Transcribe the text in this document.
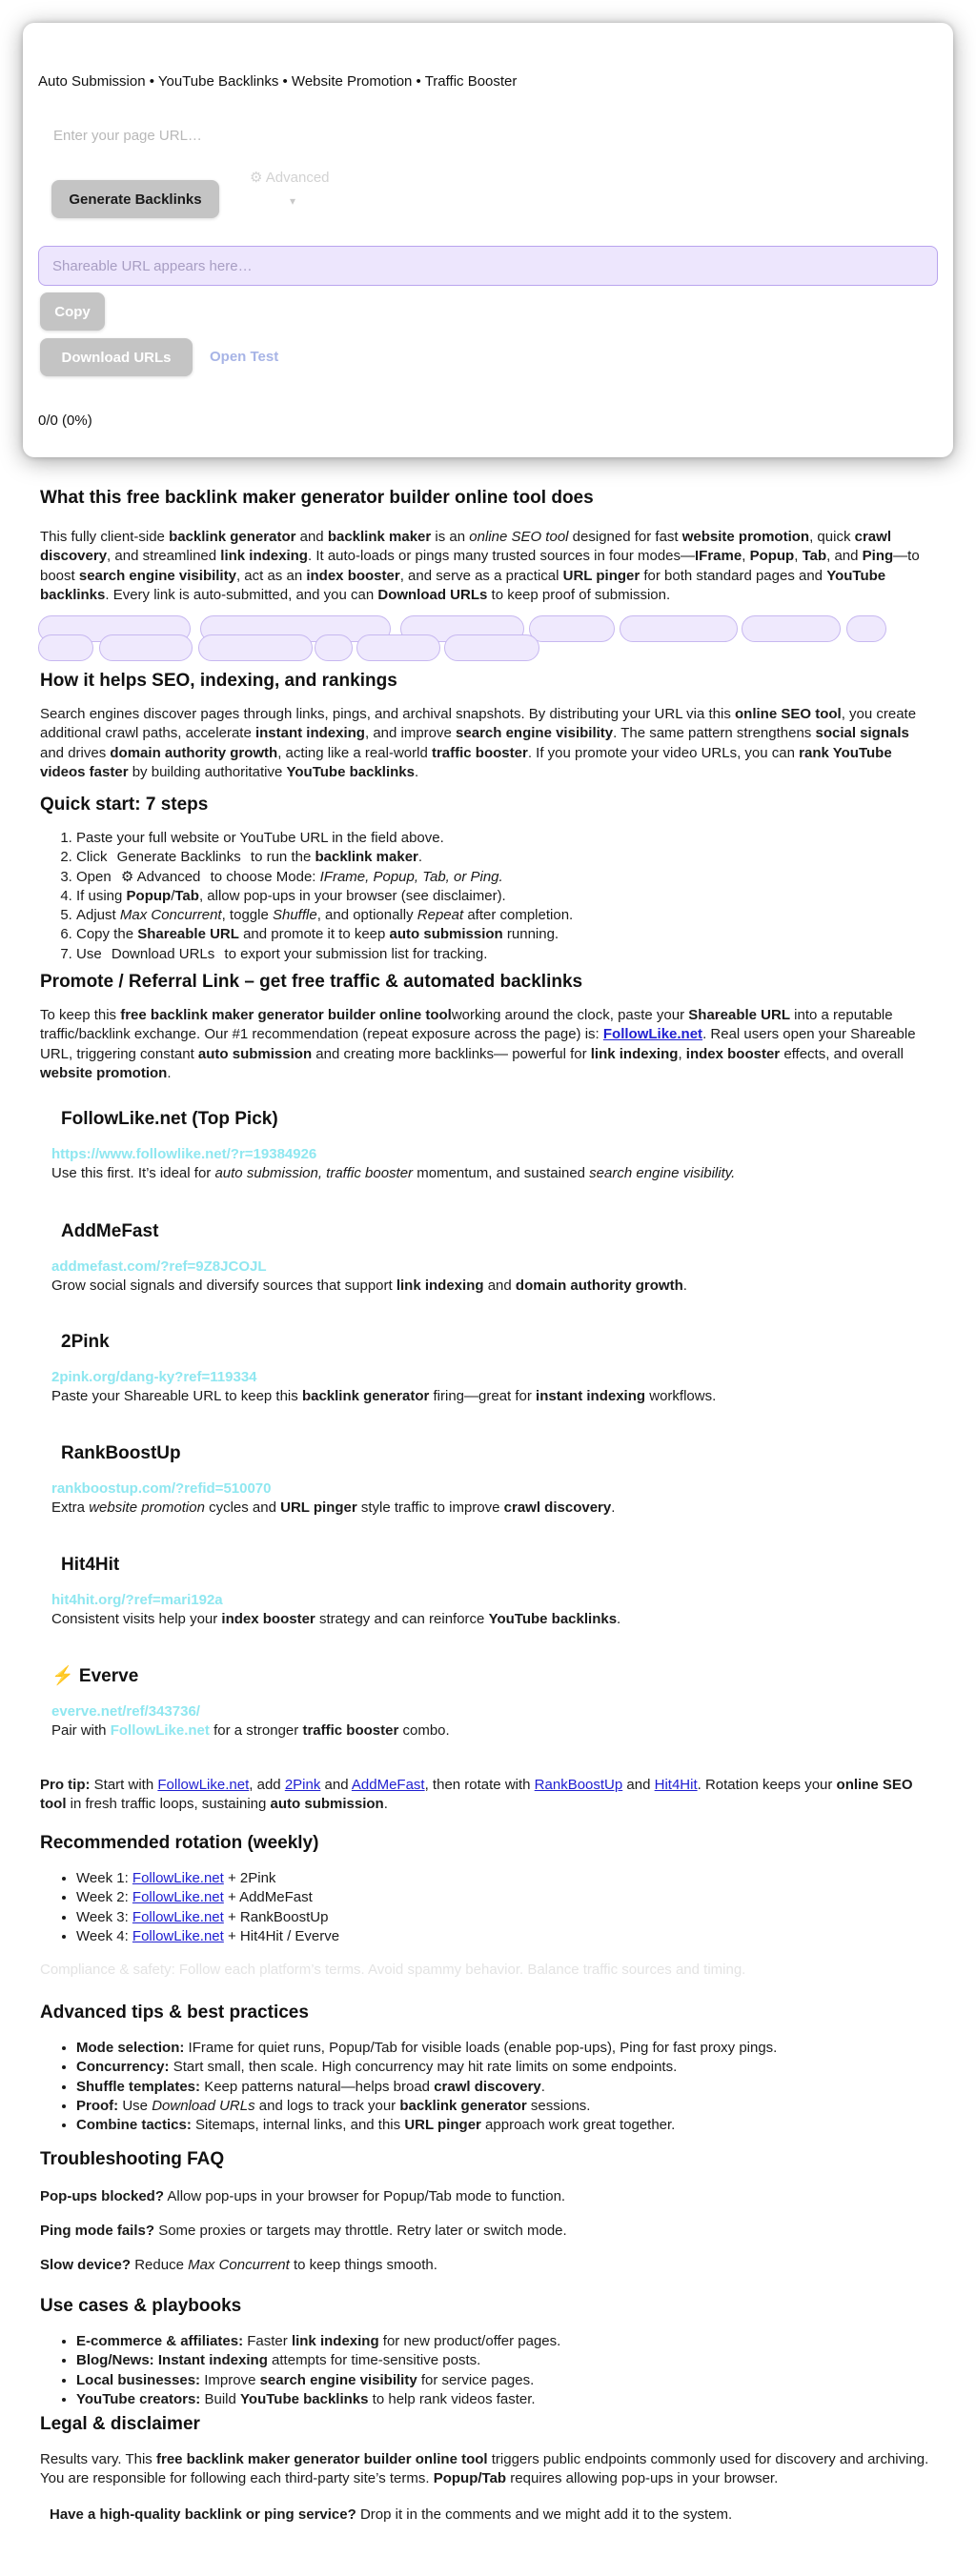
Auto Submission • YouTube Backlinks • Website Promotion • Traffic Booster
Enter your page URL…
Generate Backlinks
⚙ Advanced
▾
Shareable URL appears here…
Copy
Download URLs	Open Test
0/0 (0%)
What this free backlink maker generator builder online tool does

This fully client-side backlink generator and backlink maker is an online SEO tool designed for fast website promotion, quick crawl discovery, and streamlined link indexing. It auto-loads or pings many trusted sources in four modes—IFrame, Popup, Tab, and Ping—to boost search engine visibility, act as an index booster, and serve as a practical URL pinger for both standard pages and YouTube backlinks. Every link is auto-submitted, and you can Download URLs to keep proof of submission.

How it helps SEO, indexing, and rankings

Search engines discover pages through links, pings, and archival snapshots. By distributing your URL via this online SEO tool, you create additional crawl paths, accelerate instant indexing, and improve search engine visibility. The same pattern strengthens social signals and drives domain authority growth, acting like a real-world traffic booster. If you promote your video URLs, you can rank YouTube videos faster by building authoritative YouTube backlinks.

Quick start: 7 steps
1. Paste your full website or YouTube URL in the field above.
2. Click Generate Backlinks to run the backlink maker.
3. Open ⚙ Advanced to choose Mode: IFrame, Popup, Tab, or Ping.
4. If using Popup/Tab, allow pop-ups in your browser (see disclaimer).
5. Adjust Max Concurrent, toggle Shuffle, and optionally Repeat after completion.
6. Copy the Shareable URL and promote it to keep auto submission running.
7. Use Download URLs to export your submission list for tracking.
Promote / Referral Link – get free traffic & automated backlinks

To keep this free backlink maker generator builder online toolworking around the clock, paste your Shareable URL into a reputable traffic/backlink exchange. Our #1 recommendation (repeat exposure across the page) is: FollowLike.net. Real users open your Shareable URL, triggering constant auto submission and creating more backlinks— powerful for link indexing, index booster effects, and overall website promotion.

FollowLike.net (Top Pick)
https://www.followlike.net/?r=19384926
Use this first. It’s ideal for auto submission, traffic booster momentum, and sustained search engine visibility.
AddMeFast
addmefast.com/?ref=9Z8JCOJL
Grow social signals and diversify sources that support link indexing and domain authority growth.
2Pink
2pink.org/dang-ky?ref=119334
Paste your Shareable URL to keep this backlink generator firing—great for instant indexing workflows.
RankBoostUp
rankboostup.com/?refid=510070
Extra website promotion cycles and URL pinger style traffic to improve crawl discovery.
Hit4Hit
hit4hit.org/?ref=mari192a
Consistent visits help your index booster strategy and can reinforce YouTube backlinks.
⚡ Everve
everve.net/ref/343736/
Pair with FollowLike.net for a stronger traffic booster combo.

Pro tip: Start with FollowLike.net, add 2Pink and AddMeFast, then rotate with RankBoostUp and Hit4Hit. Rotation keeps your online SEO tool in fresh traffic loops, sustaining auto submission.

Recommended rotation (weekly)
• Week 1: FollowLike.net + 2Pink
• Week 2: FollowLike.net + AddMeFast
• Week 3: FollowLike.net + RankBoostUp
• Week 4: FollowLike.net + Hit4Hit / Everve

Compliance & safety: Follow each platform’s terms. Avoid spammy behavior. Balance traffic sources and timing.

Advanced tips & best practices
• Mode selection: IFrame for quiet runs, Popup/Tab for visible loads (enable pop-ups), Ping for fast proxy pings.
• Concurrency: Start small, then scale. High concurrency may hit rate limits on some endpoints.
• Shuffle templates: Keep patterns natural—helps broad crawl discovery.
• Proof: Use Download URLs and logs to track your backlink generator sessions.
• Combine tactics: Sitemaps, internal links, and this URL pinger approach work great together.
Troubleshooting FAQ

Pop-ups blocked? Allow pop-ups in your browser for Popup/Tab mode to function.

Ping mode fails? Some proxies or targets may throttle. Retry later or switch mode.

Slow device? Reduce Max Concurrent to keep things smooth.

Use cases & playbooks
• E-commerce & affiliates: Faster link indexing for new product/offer pages.
• Blog/News: Instant indexing attempts for time-sensitive posts.
• Local businesses: Improve search engine visibility for service pages.
• YouTube creators: Build YouTube backlinks to help rank videos faster.
Legal & disclaimer

Results vary. This free backlink maker generator builder online tool triggers public endpoints commonly used for discovery and archiving. You are responsible for following each third-party site’s terms. Popup/Tab requires allowing pop-ups in your browser.

Have a high-quality backlink or ping service? Drop it in the comments and we might add it to the system.
